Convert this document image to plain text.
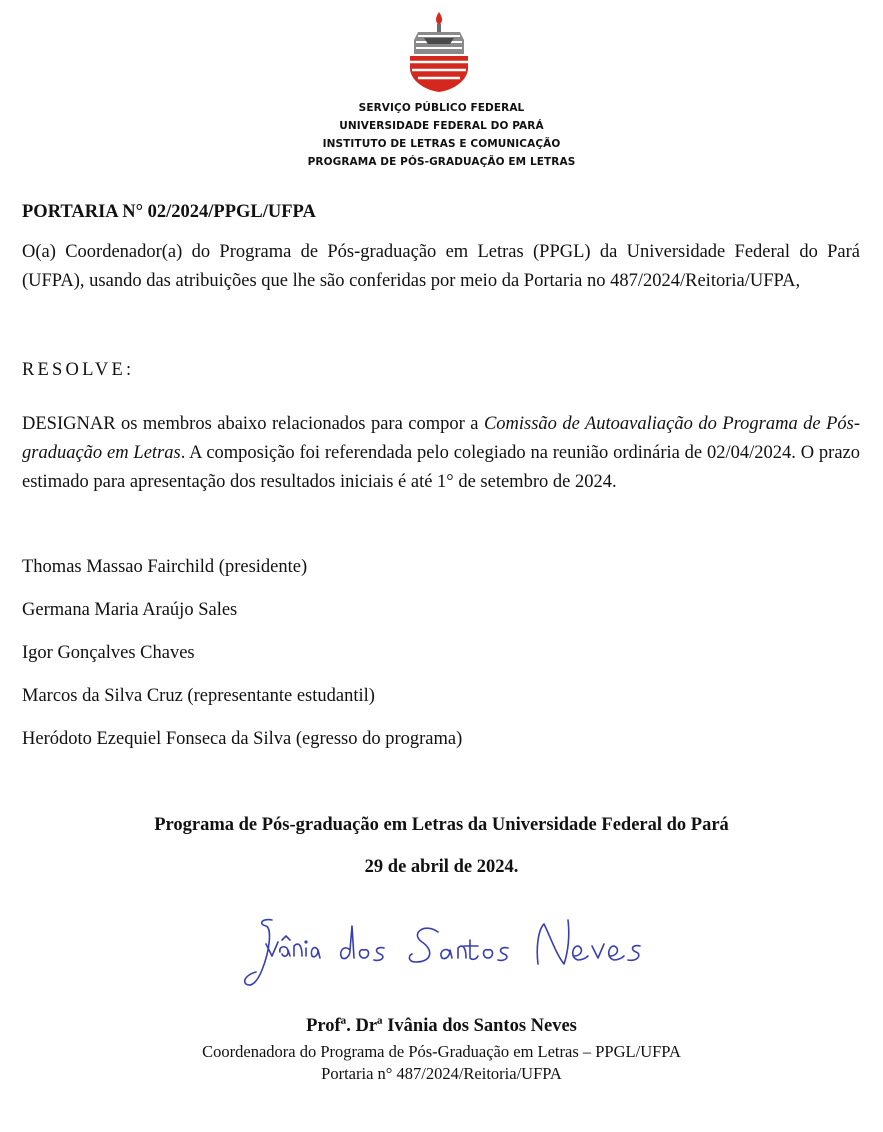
SERVIÇO PÚBLICO FEDERAL
UNIVERSIDADE FEDERAL DO PARÁ
INSTITUTO DE LETRAS E COMUNICAÇÃO
PROGRAMA DE PÓS-GRADUAÇÃO EM LETRAS
PORTARIA N° 02/2024/PPGL/UFPA
O(a) Coordenador(a) do Programa de Pós-graduação em Letras (PPGL) da Universidade Federal do Pará (UFPA), usando das atribuições que lhe são conferidas por meio da Portaria no 487/2024/Reitoria/UFPA,
RESOLVE:
DESIGNAR os membros abaixo relacionados para compor a Comissão de Autoavaliação do Programa de Pós-graduação em Letras. A composição foi referendada pelo colegiado na reunião ordinária de 02/04/2024. O prazo estimado para apresentação dos resultados iniciais é até 1° de setembro de 2024.
Thomas Massao Fairchild (presidente)
Germana Maria Araújo Sales
Igor Gonçalves Chaves
Marcos da Silva Cruz (representante estudantil)
Heródoto Ezequiel Fonseca da Silva (egresso do programa)
Programa de Pós-graduação em Letras da Universidade Federal do Pará
29 de abril de 2024.
Profª. Drª Ivânia dos Santos Neves
Coordenadora do Programa de Pós-Graduação em Letras – PPGL/UFPA
Portaria n° 487/2024/Reitoria/UFPA
